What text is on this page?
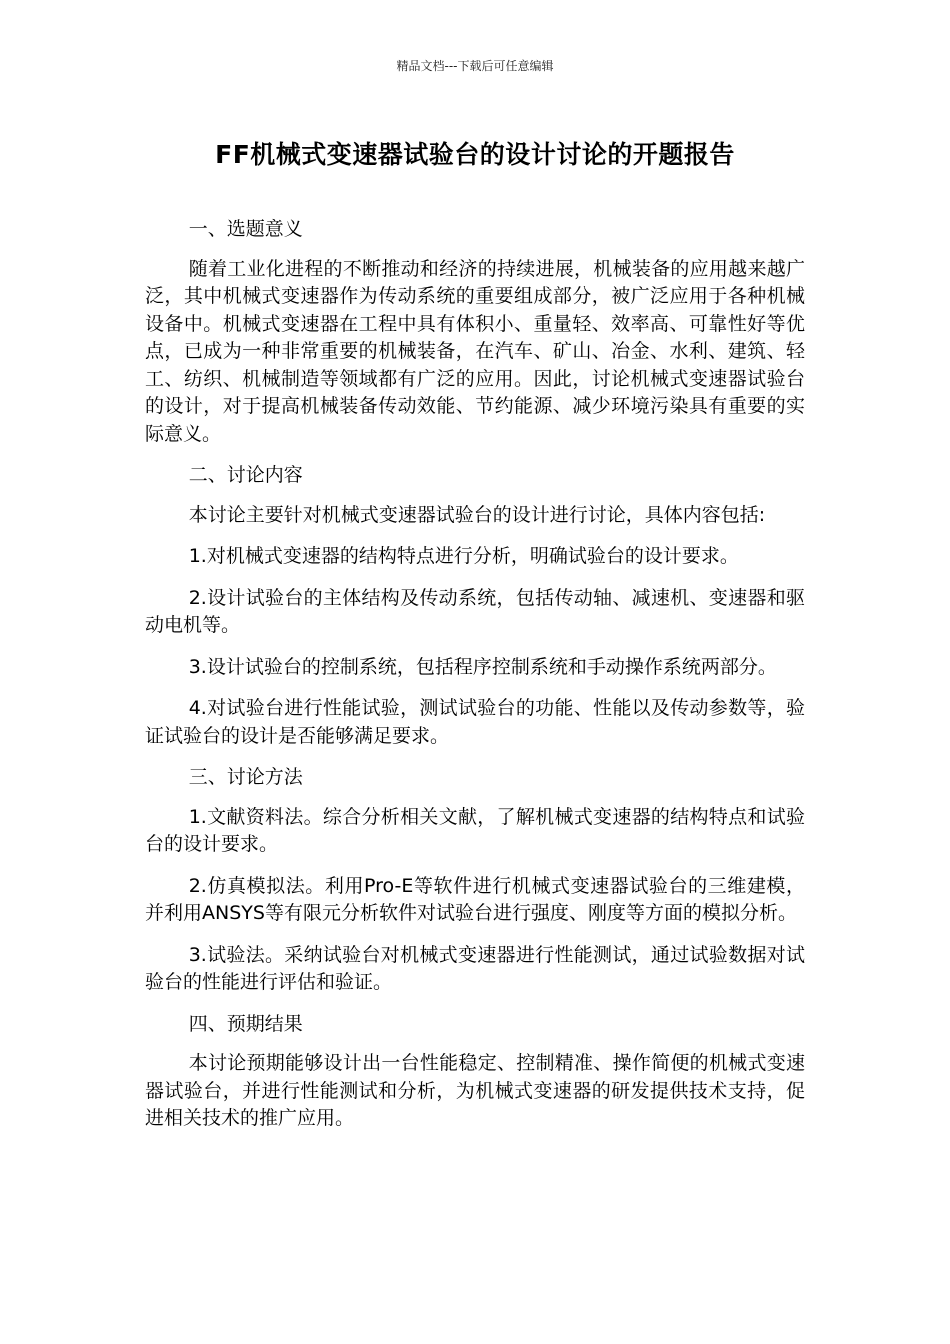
精品文档---下载后可任意编辑
FF机械式变速器试验台的设计讨论的开题报告

一、选题意义

随着工业化进程的不断推动和经济的持续进展，机械装备的应用越来越广泛，其中机械式变速器作为传动系统的重要组成部分，被广泛应用于各种机械设备中。机械式变速器在工程中具有体积小、重量轻、效率高、可靠性好等优点，已成为一种非常重要的机械装备，在汽车、矿山、冶金、水利、建筑、轻工、纺织、机械制造等领域都有广泛的应用。因此，讨论机械式变速器试验台的设计，对于提高机械装备传动效能、节约能源、减少环境污染具有重要的实际意义。

二、讨论内容

本讨论主要针对机械式变速器试验台的设计进行讨论，具体内容包括:

1.对机械式变速器的结构特点进行分析，明确试验台的设计要求。

2.设计试验台的主体结构及传动系统，包括传动轴、减速机、变速器和驱动电机等。

3.设计试验台的控制系统，包括程序控制系统和手动操作系统两部分。

4.对试验台进行性能试验，测试试验台的功能、性能以及传动参数等，验证试验台的设计是否能够满足要求。

三、讨论方法

1.文献资料法。综合分析相关文献，了解机械式变速器的结构特点和试验台的设计要求。

2.仿真模拟法。利用Pro-E等软件进行机械式变速器试验台的三维建模，并利用ANSYS等有限元分析软件对试验台进行强度、刚度等方面的模拟分析。

3.试验法。采纳试验台对机械式变速器进行性能测试，通过试验数据对试验台的性能进行评估和验证。

四、预期结果

本讨论预期能够设计出一台性能稳定、控制精准、操作简便的机械式变速器试验台，并进行性能测试和分析，为机械式变速器的研发提供技术支持，促进相关技术的推广应用。
